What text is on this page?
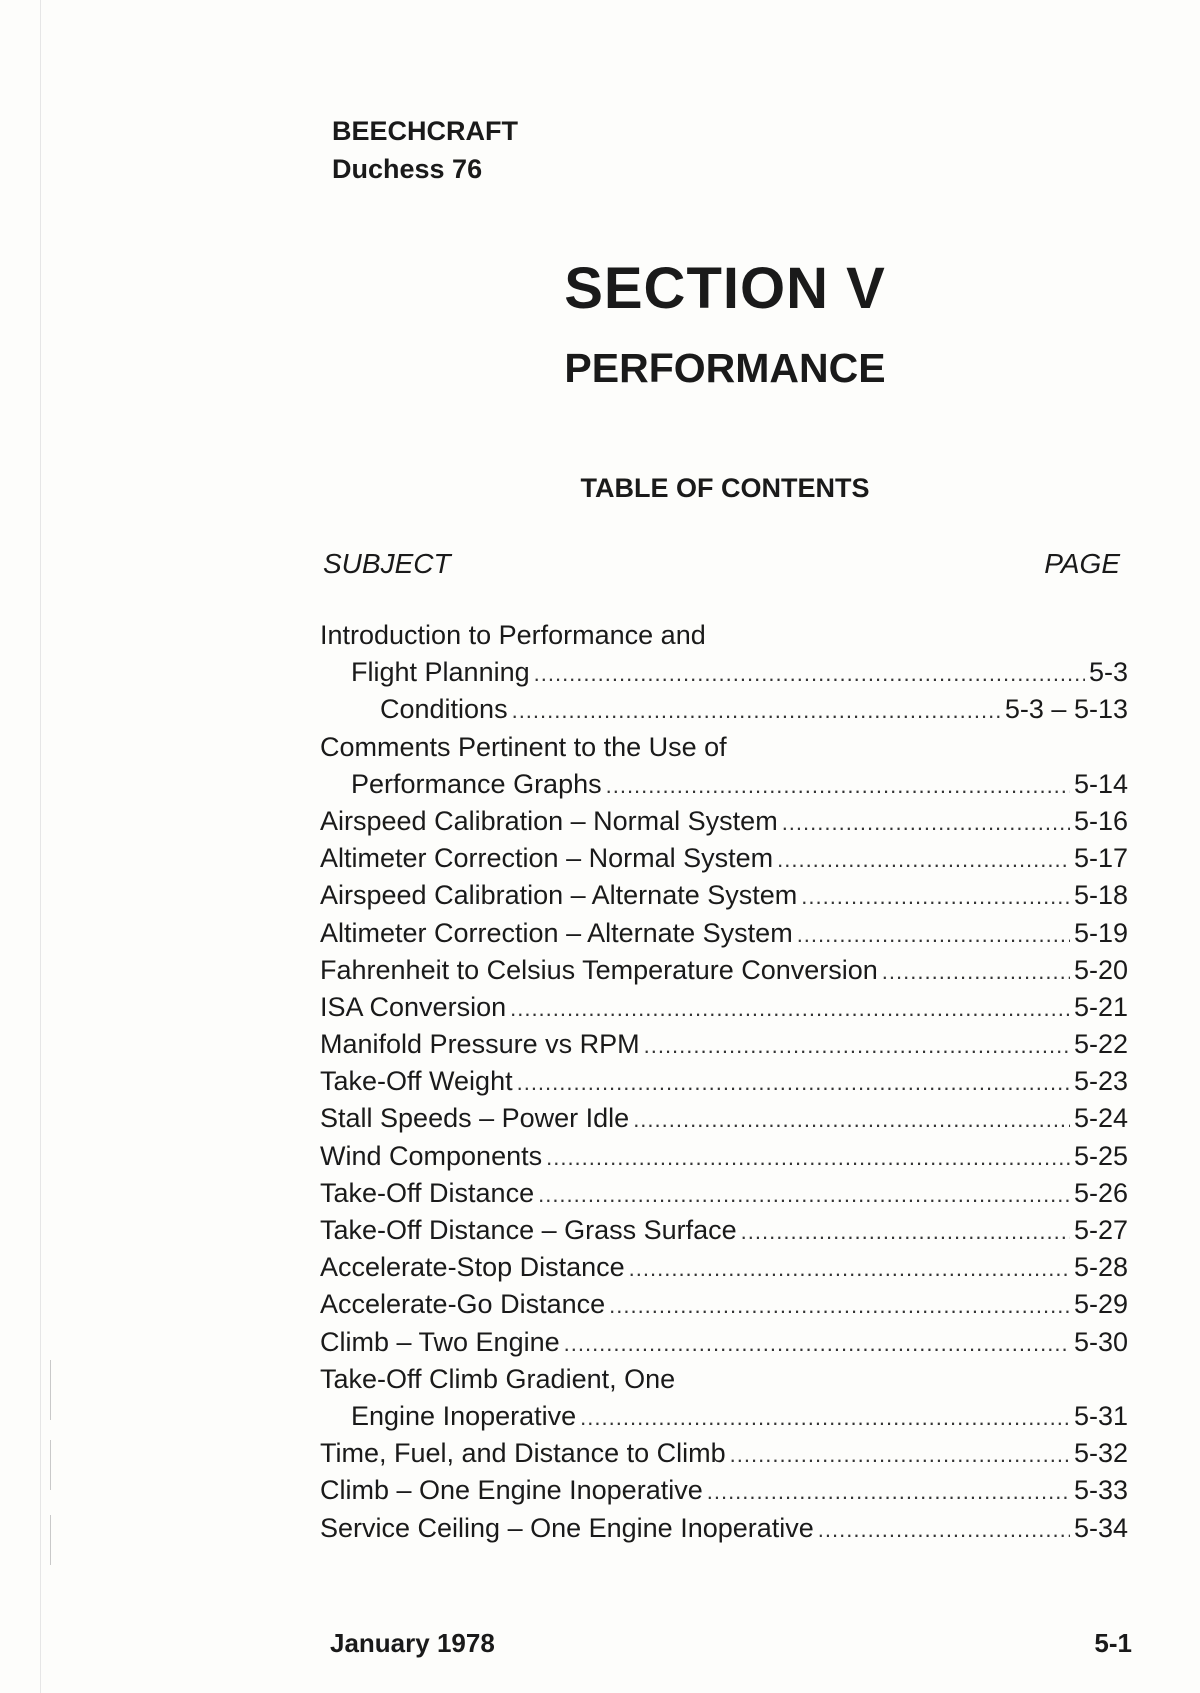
BEECHCRAFT
Duchess 76
SECTION V
PERFORMANCE
TABLE OF CONTENTS
SUBJECT	PAGE
Introduction to Performance and
Flight Planning .....	5-3
Conditions .....	5-3 – 5-13
Comments Pertinent to the Use of
Performance Graphs .....	5-14
Airspeed Calibration – Normal System .....	5-16
Altimeter Correction – Normal System .....	5-17
Airspeed Calibration – Alternate System .....	5-18
Altimeter Correction – Alternate System .....	5-19
Fahrenheit to Celsius Temperature Conversion .....	5-20
ISA Conversion .....	5-21
Manifold Pressure vs RPM .....	5-22
Take-Off Weight .....	5-23
Stall Speeds – Power Idle .....	5-24
Wind Components .....	5-25
Take-Off Distance .....	5-26
Take-Off Distance – Grass Surface .....	5-27
Accelerate-Stop Distance .....	5-28
Accelerate-Go Distance .....	5-29
Climb – Two Engine .....	5-30
Take-Off Climb Gradient, One
Engine Inoperative .....	5-31
Time, Fuel, and Distance to Climb .....	5-32
Climb – One Engine Inoperative .....	5-33
Service Ceiling – One Engine Inoperative .....	5-34
January 1978	5-1
